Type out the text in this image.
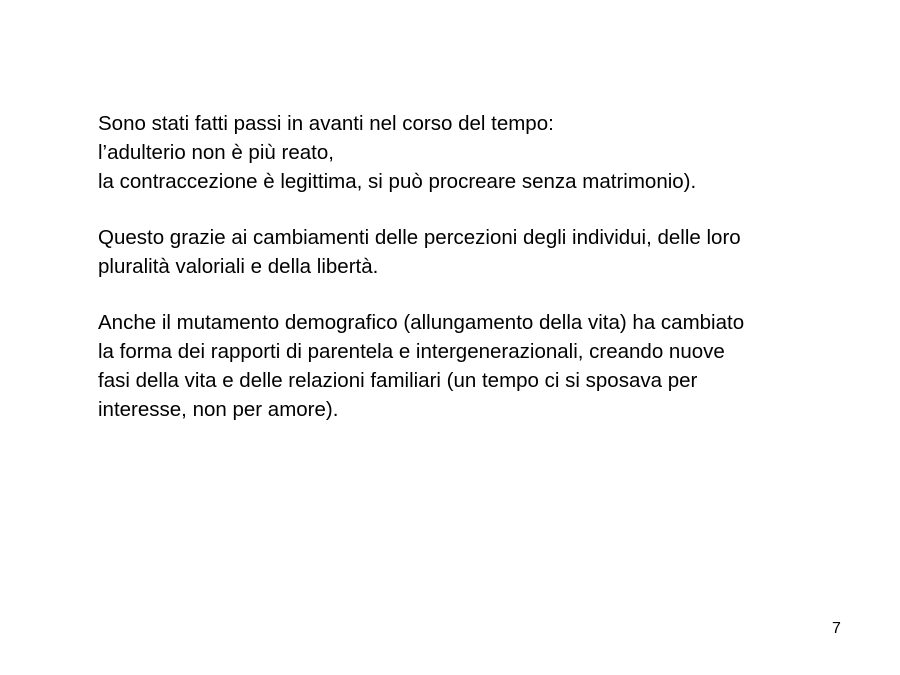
Sono stati fatti passi in avanti nel corso del tempo:
l’adulterio non è più reato,
la contraccezione è legittima, si può procreare senza matrimonio).

Questo grazie ai cambiamenti delle percezioni degli individui, delle loro
pluralità valoriali e della libertà.

Anche il mutamento demografico (allungamento della vita) ha cambiato
la forma dei rapporti di parentela e intergenerazionali, creando nuove
fasi della vita e delle relazioni familiari (un tempo ci si sposava per
interesse, non per amore).

7
